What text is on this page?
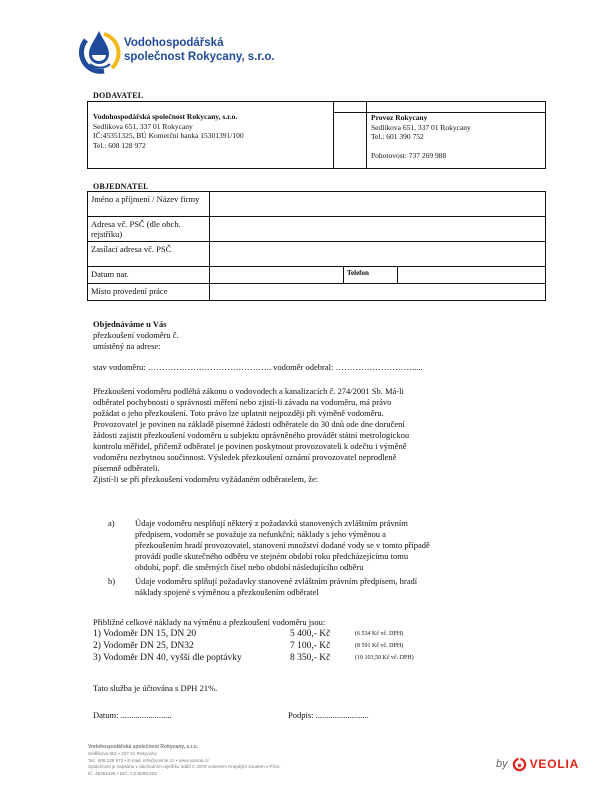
Vodohospodářská
společnost Rokycany, s.r.o.
DODAVATEL
Vodohospodářská společnost Rokycany, s.r.o.
Sedlíkova 651, 337 01 Rokycany
IČ:45351325, BÚ Komerční banka 15301391/100
Tel.: 608 128 972
Provoz Rokycany
Sedlíkova 651, 337 01 Rokycany
Tel.: 601 390 752
Pohotovost: 737 269 988
OBJEDNATEL
Jméno a příjmení / Název firmy			
Adresa vč. PSČ (dle obch. rejstříku)			
Zasílací adresa vč. PSČ			
Datum nar.		Telefon	
Místo provedení práce			
Objednáváme u Vás
přezkoušení vodoměru č.
umístěný na adrese:
stav vodoměru: …………………………………….. vodoměr odebral: ……………………….....

Přezkoušení vodoměru podléhá zákonu o vodovodech a kanalizacích č. 274/2001 Sb. Má-li

odběratel pochybnosti o správnosti měření nebo zjistí-li závadu na vodoměru, má právo

požádat o jeho přezkoušení. Toto právo lze uplatnit nejpozději při výměně vodoměru.

Provozovatel je povinen na základě písemné žádosti odběratele do 30 dnů ode dne doručení

žádosti zajistit přezkoušení vodoměru u subjektu oprávněného provádět státní metrologickou

kontrolu měřidel, přičemž odběratel je povinen poskytnout provozovateli k odečtu i výměně

vodoměru nezbytnou součinnost. Výsledek přezkoušení oznámí provozovatel neprodleně

písemně odběrateli.

Zjistí-li se při přezkoušení vodoměru vyžádaném odběratelem, že:

a) Údaje vodoměru nesplňují některý z požadavků stanovených zvláštním právním

předpisem, vodoměr se považuje za nefunkční; náklady s jeho výměnou a

přezkoušením hradí provozovatel, stanovení množství dodané vody se v tomto případě

provádí podle skutečného odběru ve stejném období roku předcházejícímu tomu

období, popř. dle směrných čísel nebo období následujícího odběru

b) Údaje vodoměru splňují požadavky stanovené zvláštním právním předpisem, hradí

náklady spojené s výměnou a přezkoušením odběratel

Přibližné celkové náklady na výměnu a přezkoušení vodoměru jsou:
1) Vodoměr DN 15, DN 20	5 400,- Kč	(6 534 Kč vč. DPH)
2) Vodoměr DN 25, DN32	7 100,- Kč	(8 591 Kč vč. DPH)
3) Vodoměr DN 40, vyšší dle poptávky	8 350,- Kč	(10 103,50 Kč vč. DPH)
Tato služba je účtována s DPH 21%.
Datum: ........................	Podpis: .........................
Vodohospodářská společnost Rokycany, s.r.o.
Sedlíkova 651 • 337 01 Rokycany
Tel.: 608 128 972 • E-mail: info@vosrok.cz • www.vosrok.cz
Společnost je zapsána v obchodním rejstříku oddíl C 2878 vedeném Krajským soudem v Plzni.
IČ: 45351325 • DIČ: CZ45351325
by VEOLIA
